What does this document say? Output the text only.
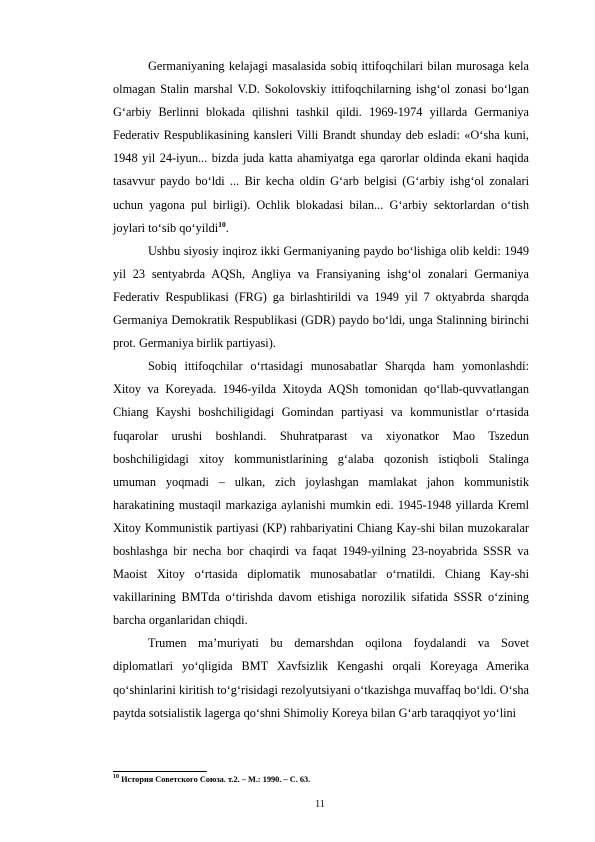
Germaniyaning kelajagi masalasida sobiq ittifoqchilari bilan murosaga kela olmagan Stalin marshal V.D. Sokolovskiy ittifoqchilarning ishg‘ol zonasi bo‘lgan G‘arbiy Berlinni blokada qilishni tashkil qildi. 1969-1974 yillarda Germaniya Federativ Respublikasining kansleri Villi Brandt shunday deb esladi: «O‘sha kuni, 1948 yil 24-iyun... bizda juda katta ahamiyatga ega qarorlar oldinda ekani haqida tasavvur paydo bo‘ldi ... Bir kecha oldin G‘arb belgisi (G‘arbiy ishg‘ol zonalari uchun yagona pul birligi). Ochlik blokadasi bilan... G‘arbiy sektorlardan o‘tish joylari to‘sib qo‘yildi$^{10}$.

Ushbu siyosiy inqiroz ikki Germaniyaning paydo bo‘lishiga olib keldi: 1949 yil 23 sentyabrda AQSh, Angliya va Fransiyaning ishg‘ol zonalari Germaniya Federativ Respublikasi (FRG) ga birlashtirildi va 1949 yil 7 oktyabrda sharqda Germaniya Demokratik Respublikasi (GDR) paydo bo‘ldi, unga Stalinning birinchi prot. Germaniya birlik partiyasi).

Sobiq ittifoqchilar o‘rtasidagi munosabatlar Sharqda ham yomonlashdi: Xitoy va Koreyada. 1946-yilda Xitoyda AQSh tomonidan qo‘llab-quvvatlangan Chiang Kayshi boshchiligidagi Gomindan partiyasi va kommunistlar o‘rtasida fuqarolar urushi boshlandi. Shuhratparast va xiyonatkor Mao Tszedun boshchiligidagi xitoy kommunistlarining g‘alaba qozonish istiqboli Stalinga umuman yoqmadi – ulkan, zich joylashgan mamlakat jahon kommunistik harakatining mustaqil markaziga aylanishi mumkin edi. 1945-1948 yillarda Kreml Xitoy Kommunistik partiyasi (KP) rahbariyatini Chiang Kay-shi bilan muzokaralar boshlashga bir necha bor chaqirdi va faqat 1949-yilning 23-noyabrida SSSR va Maoist Xitoy o‘rtasida diplomatik munosabatlar o‘rnatildi. Chiang Kay-shi vakillarining BMTda o‘tirishda davom etishiga norozilik sifatida SSSR o‘zining barcha organlaridan chiqdi.

Trumen ma’muriyati bu demarshdan oqilona foydalandi va Sovet diplomatlari yo‘qligida BMT Xavfsizlik Kengashi orqali Koreyaga Amerika qo‘shinlarini kiritish to‘g‘risidagi rezolyutsiyani o‘tkazishga muvaffaq bo‘ldi. O‘sha paytda sotsialistik lagerga qo‘shni Shimoliy Koreya bilan G‘arb taraqqiyot yo‘lini

$^{10}$ История Советского Союза. т.2. – М.: 1990. – С. 63.
11
